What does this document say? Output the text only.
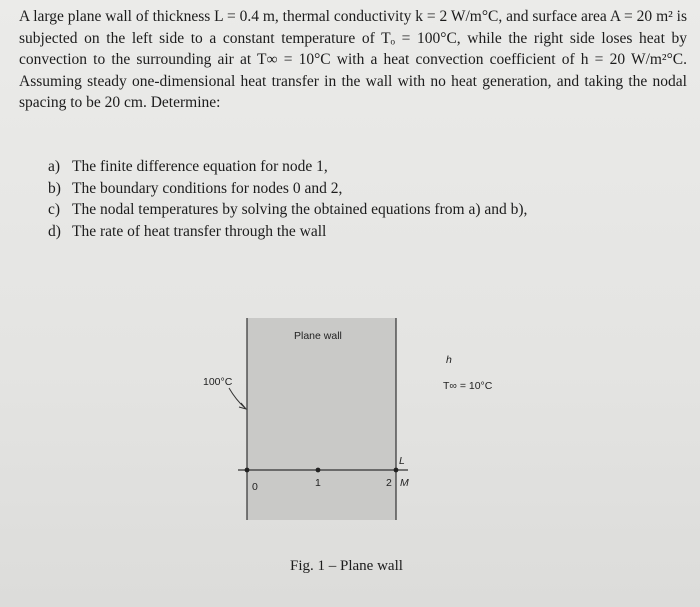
A large plane wall of thickness L = 0.4 m, thermal conductivity k = 2 W/m°C, and surface area A = 20 m² is subjected on the left side to a constant temperature of Tₒ = 100°C, while the right side loses heat by convection to the surrounding air at T∞ = 10°C with a heat convection coefficient of h = 20 W/m²°C. Assuming steady one-dimensional heat transfer in the wall with no heat generation, and taking the nodal spacing to be 20 cm. Determine:

a) The finite difference equation for node 1,
b) The boundary conditions for nodes 0 and 2,
c) The nodal temperatures by solving the obtained equations from a) and b),
d) The rate of heat transfer through the wall
Plane wall
100°C
h
T∞ = 10°C
L
0	1	2 M
Fig. 1 – Plane wall
